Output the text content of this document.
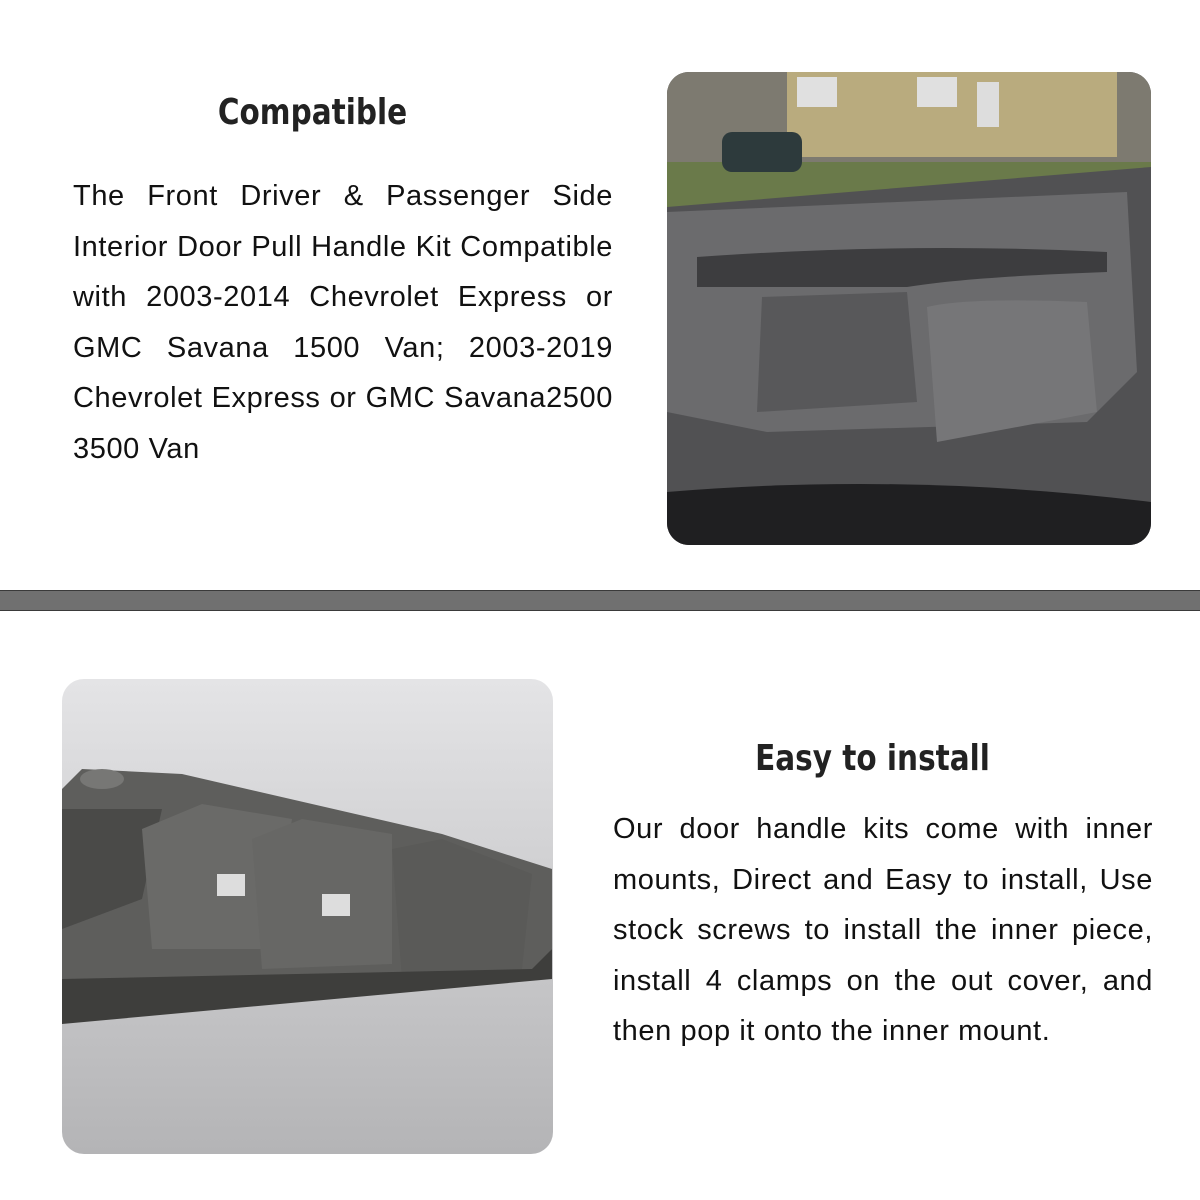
Compatible
The Front Driver & Passenger Side Interior Door Pull Handle Kit Compatible with 2003-2014 Chevrolet Express or GMC Savana 1500 Van; 2003-2019 Chevrolet Express or GMC Savana2500 3500 Van
Easy to install
Our door handle kits come with inner mounts, Direct and Easy to install, Use stock screws to install the inner piece, install 4 clamps on the out cover, and then pop it onto the inner mount.
